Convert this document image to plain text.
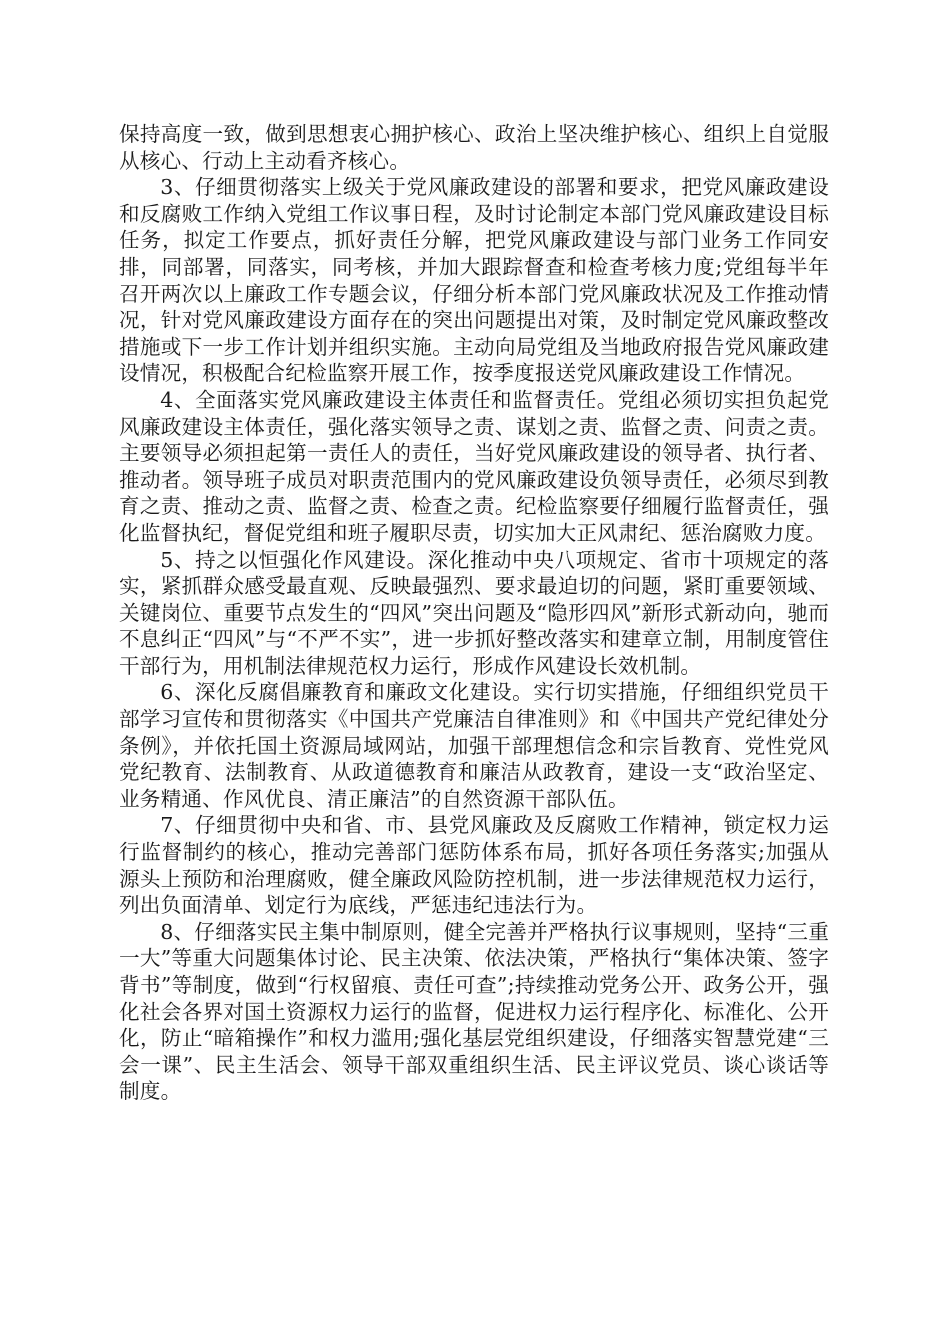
保持高度一致，做到思想衷心拥护核心、政治上坚决维护核心、组织上自觉服从核心、行动上主动看齐核心。

3、仔细贯彻落实上级关于党风廉政建设的部署和要求，把党风廉政建设和反腐败工作纳入党组工作议事日程，及时讨论制定本部门党风廉政建设目标任务，拟定工作要点，抓好责任分解，把党风廉政建设与部门业务工作同安排，同部署，同落实，同考核，并加大跟踪督查和检查考核力度;党组每半年召开两次以上廉政工作专题会议，仔细分析本部门党风廉政状况及工作推动情况，针对党风廉政建设方面存在的突出问题提出对策，及时制定党风廉政整改措施或下一步工作计划并组织实施。主动向局党组及当地政府报告党风廉政建设情况，积极配合纪检监察开展工作，按季度报送党风廉政建设工作情况。

4、全面落实党风廉政建设主体责任和监督责任。党组必须切实担负起党风廉政建设主体责任，强化落实领导之责、谋划之责、监督之责、问责之责。主要领导必须担起第一责任人的责任，当好党风廉政建设的领导者、执行者、推动者。领导班子成员对职责范围内的党风廉政建设负领导责任，必须尽到教育之责、推动之责、监督之责、检查之责。纪检监察要仔细履行监督责任，强化监督执纪，督促党组和班子履职尽责，切实加大正风肃纪、惩治腐败力度。

5、持之以恒强化作风建设。深化推动中央八项规定、省市十项规定的落实，紧抓群众感受最直观、反映最强烈、要求最迫切的问题，紧盯重要领域、关键岗位、重要节点发生的“四风”突出问题及“隐形四风”新形式新动向，驰而不息纠正“四风”与“不严不实”，进一步抓好整改落实和建章立制，用制度管住干部行为，用机制法律规范权力运行，形成作风建设长效机制。

6、深化反腐倡廉教育和廉政文化建设。实行切实措施，仔细组织党员干部学习宣传和贯彻落实《中国共产党廉洁自律准则》和《中国共产党纪律处分条例》，并依托国土资源局域网站，加强干部理想信念和宗旨教育、党性党风党纪教育、法制教育、从政道德教育和廉洁从政教育，建设一支“政治坚定、业务精通、作风优良、清正廉洁”的自然资源干部队伍。

7、仔细贯彻中央和省、市、县党风廉政及反腐败工作精神，锁定权力运行监督制约的核心，推动完善部门惩防体系布局，抓好各项任务落实;加强从源头上预防和治理腐败，健全廉政风险防控机制，进一步法律规范权力运行，列出负面清单、划定行为底线，严惩违纪违法行为。

8、仔细落实民主集中制原则，健全完善并严格执行议事规则，坚持“三重一大”等重大问题集体讨论、民主决策、依法决策，严格执行“集体决策、签字背书”等制度，做到“行权留痕、责任可查”;持续推动党务公开、政务公开，强化社会各界对国土资源权力运行的监督，促进权力运行程序化、标准化、公开化，防止“暗箱操作”和权力滥用;强化基层党组织建设，仔细落实智慧党建“三会一课”、民主生活会、领导干部双重组织生活、民主评议党员、谈心谈话等制度。
